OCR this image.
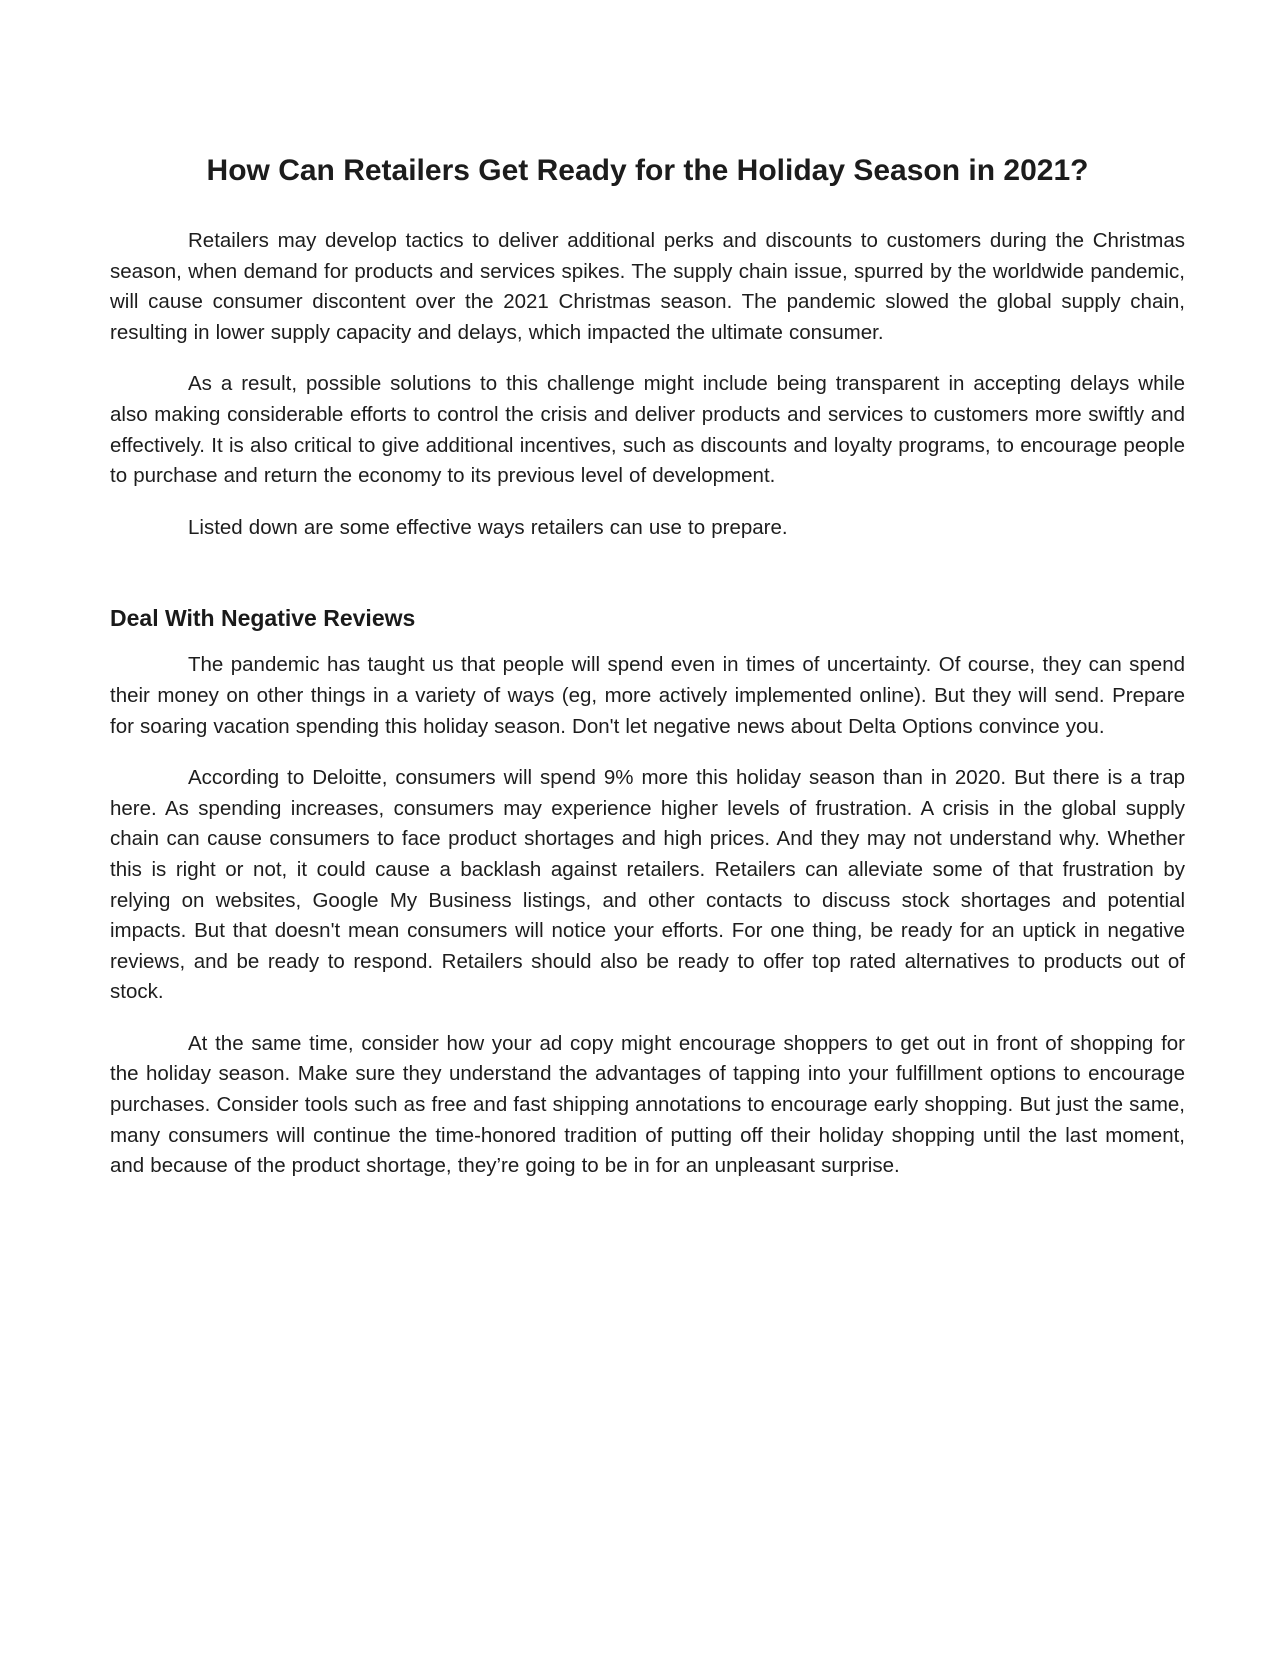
How Can Retailers Get Ready for the Holiday Season in 2021?

Retailers may develop tactics to deliver additional perks and discounts to customers during the Christmas season, when demand for products and services spikes. The supply chain issue, spurred by the worldwide pandemic, will cause consumer discontent over the 2021 Christmas season. The pandemic slowed the global supply chain, resulting in lower supply capacity and delays, which impacted the ultimate consumer.

As a result, possible solutions to this challenge might include being transparent in accepting delays while also making considerable efforts to control the crisis and deliver products and services to customers more swiftly and effectively. It is also critical to give additional incentives, such as discounts and loyalty programs, to encourage people to purchase and return the economy to its previous level of development.

Listed down are some effective ways retailers can use to prepare.

Deal With Negative Reviews

The pandemic has taught us that people will spend even in times of uncertainty. Of course, they can spend their money on other things in a variety of ways (eg, more actively implemented online). But they will send. Prepare for soaring vacation spending this holiday season. Don't let negative news about Delta Options convince you.

According to Deloitte, consumers will spend 9% more this holiday season than in 2020. But there is a trap here. As spending increases, consumers may experience higher levels of frustration. A crisis in the global supply chain can cause consumers to face product shortages and high prices. And they may not understand why. Whether this is right or not, it could cause a backlash against retailers. Retailers can alleviate some of that frustration by relying on websites, Google My Business listings, and other contacts to discuss stock shortages and potential impacts. But that doesn't mean consumers will notice your efforts. For one thing, be ready for an uptick in negative reviews, and be ready to respond. Retailers should also be ready to offer top rated alternatives to products out of stock.

At the same time, consider how your ad copy might encourage shoppers to get out in front of shopping for the holiday season. Make sure they understand the advantages of tapping into your fulfillment options to encourage purchases. Consider tools such as free and fast shipping annotations to encourage early shopping. But just the same, many consumers will continue the time-honored tradition of putting off their holiday shopping until the last moment, and because of the product shortage, they’re going to be in for an unpleasant surprise.
